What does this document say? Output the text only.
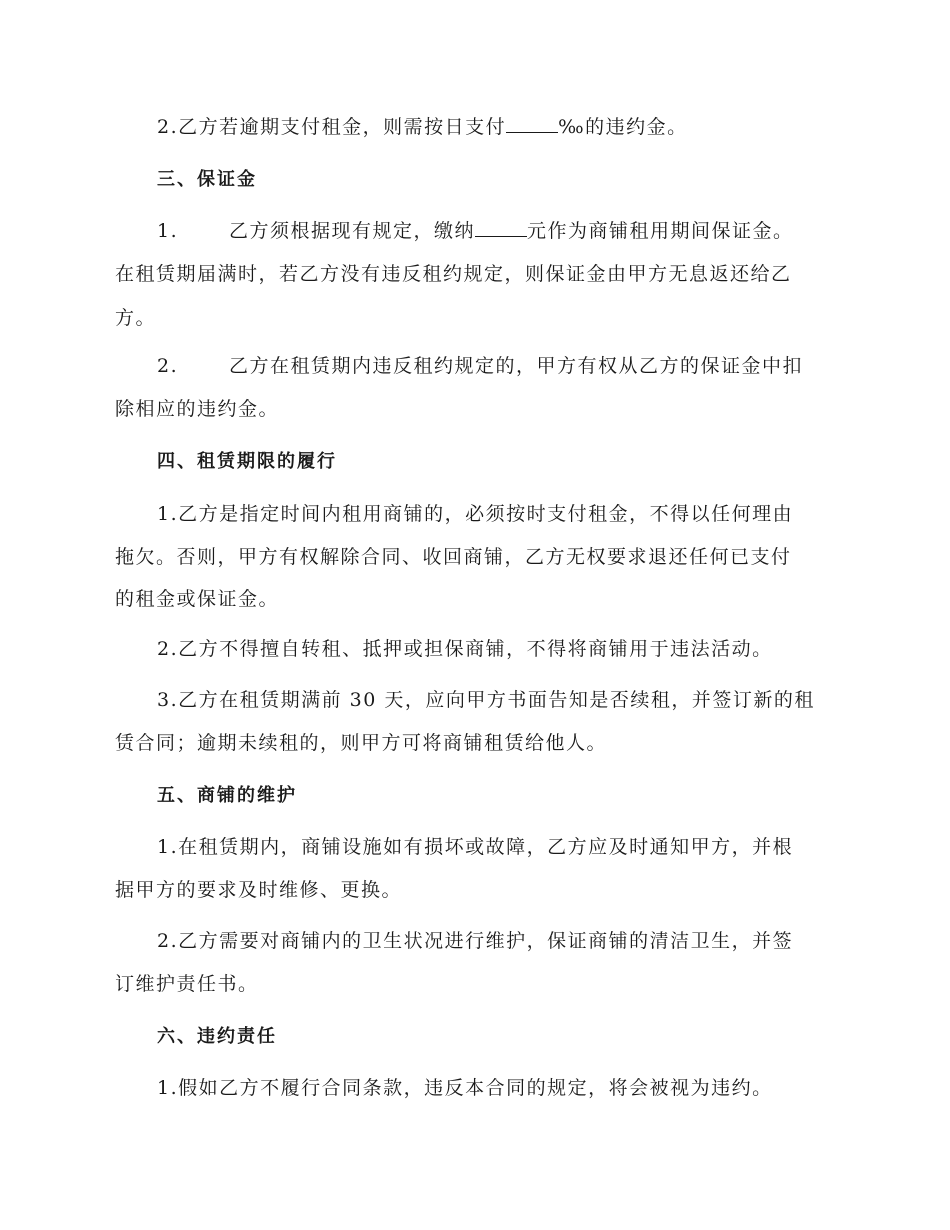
2.乙方若逾期支付租金，则需按日支付	‰的违约金。
三、保证金
1.	乙方须根据现有规定，缴纳	元作为商铺租用期间保证金。
在租赁期届满时，若乙方没有违反租约规定，则保证金由甲方无息返还给乙
方。
2.	乙方在租赁期内违反租约规定的，甲方有权从乙方的保证金中扣
除相应的违约金。
四、租赁期限的履行
1.乙方是指定时间内租用商铺的，必须按时支付租金，不得以任何理由
拖欠。否则，甲方有权解除合同、收回商铺，乙方无权要求退还任何已支付
的租金或保证金。
2.乙方不得擅自转租、抵押或担保商铺，不得将商铺用于违法活动。
3.乙方在租赁期满前 30 天，应向甲方书面告知是否续租，并签订新的租
赁合同；逾期未续租的，则甲方可将商铺租赁给他人。
五、商铺的维护
1.在租赁期内，商铺设施如有损坏或故障，乙方应及时通知甲方，并根
据甲方的要求及时维修、更换。
2.乙方需要对商铺内的卫生状况进行维护，保证商铺的清洁卫生，并签
订维护责任书。
六、违约责任
1.假如乙方不履行合同条款，违反本合同的规定，将会被视为违约。
